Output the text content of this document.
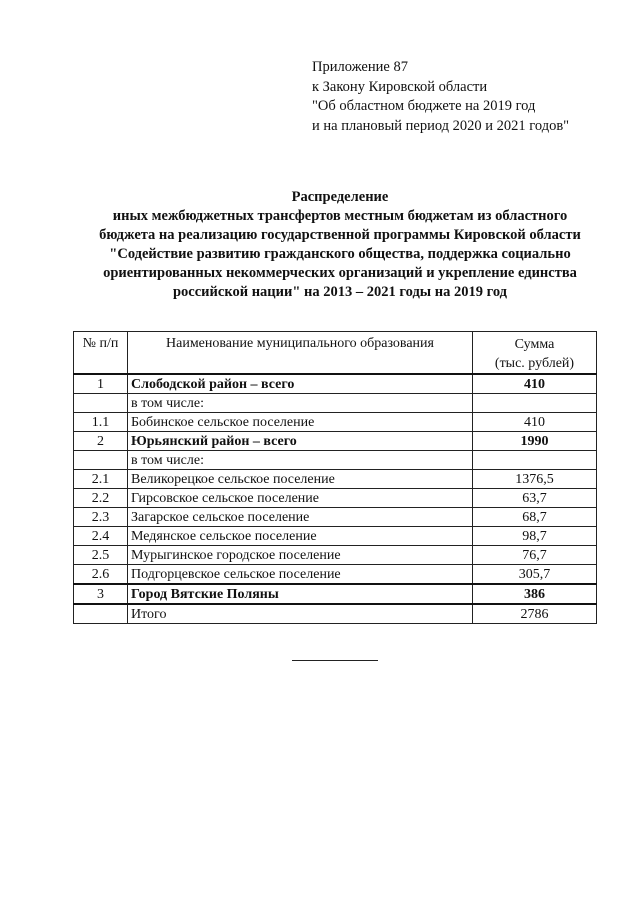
Приложение 87
к Закону Кировской области
"Об областном бюджете на 2019 год
и на плановый период 2020 и 2021 годов"
Распределение
иных межбюджетных трансфертов местным бюджетам из областного
бюджета на реализацию государственной программы Кировской области
"Содействие развитию гражданского общества, поддержка социально
ориентированных некоммерческих организаций и укрепление единства
российской нации" на 2013 – 2021 годы на 2019 год
№ п/п	Наименование муниципального образования	Сумма
(тыс. рублей)

1	Слободской район – всего	410
	в том числе:	
1.1	Бобинское сельское поселение	410
2	Юрьянский район – всего	1990
	в том числе:	
2.1	Великорецкое сельское поселение	1376,5
2.2	Гирсовское сельское поселение	63,7
2.3	Загарское сельское поселение	68,7
2.4	Медянское сельское поселение	98,7
2.5	Мурыгинское городское поселение	76,7
2.6	Подгорцевское сельское поселение	305,7
3	Город Вятские Поляны	386
	Итого	2786
